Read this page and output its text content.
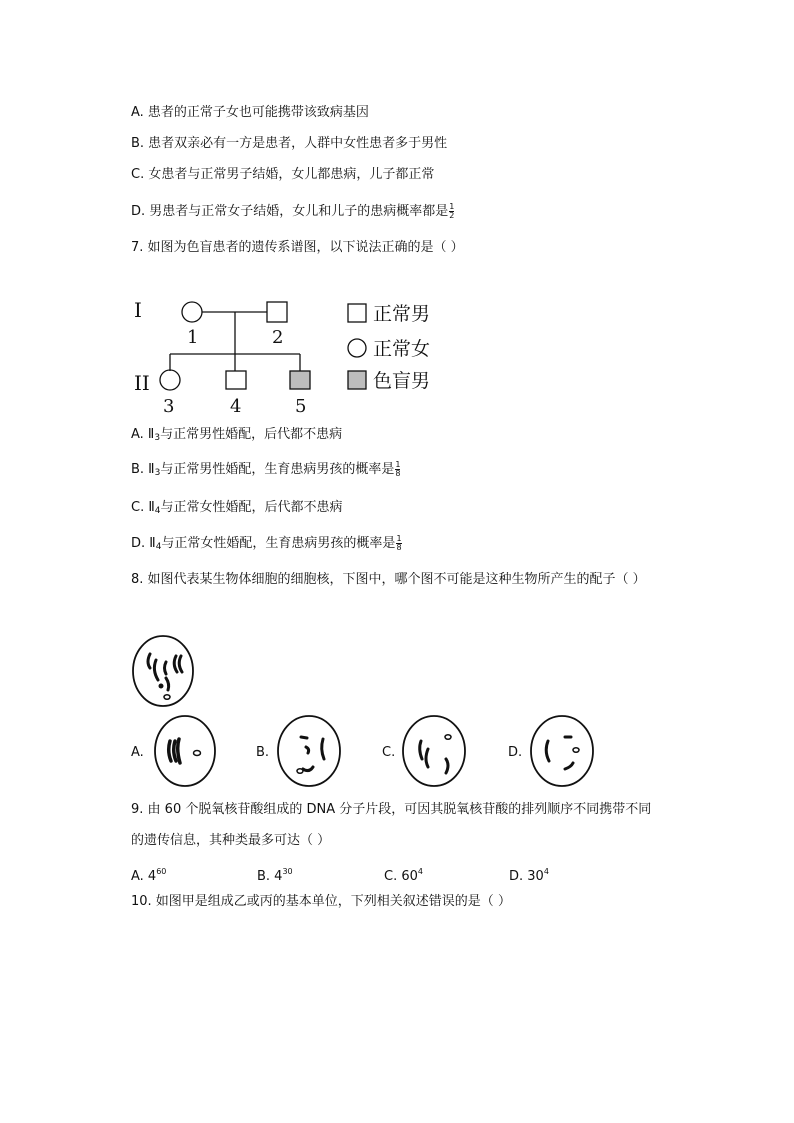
A. 患者的正常子女也可能携带该致病基因
B. 患者双亲必有一方是患者，人群中女性患者多于男性
C. 女患者与正常男子结婚，女儿都患病，儿子都正常
D. 男患者与正常女子结婚，女儿和儿子的患病概率都是 $\frac{1}{2}$
7. 如图为色盲患者的遗传系谱图，以下说法正确的是（ ）
I
II
1	2
3	4	5
正常男
正常女
色盲男
A. $Ⅱ_3$与正常男性婚配，后代都不患病
B. $Ⅱ_3$与正常男性婚配，生育患病男孩的概率是 $\frac{1}{8}$
C. $Ⅱ_4$与正常女性婚配，后代都不患病
D. $Ⅱ_4$与正常女性婚配，生育患病男孩的概率是 $\frac{1}{8}$
8. 如图代表某生物体细胞的细胞核，下图中，哪个图不可能是这种生物所产生的配子（ ）
A.	B.	C.	D.
9. 由 60 个脱氧核苷酸组成的 DNA 分子片段，可因其脱氧核苷酸的排列顺序不同携带不同
的遗传信息，其种类最多可达（ ）
A. $4^{60}$	B. $4^{30}$	C. $60^4$	D. $30^4$
10. 如图甲是组成乙或丙的基本单位，下列相关叙述错误的是（ ）
